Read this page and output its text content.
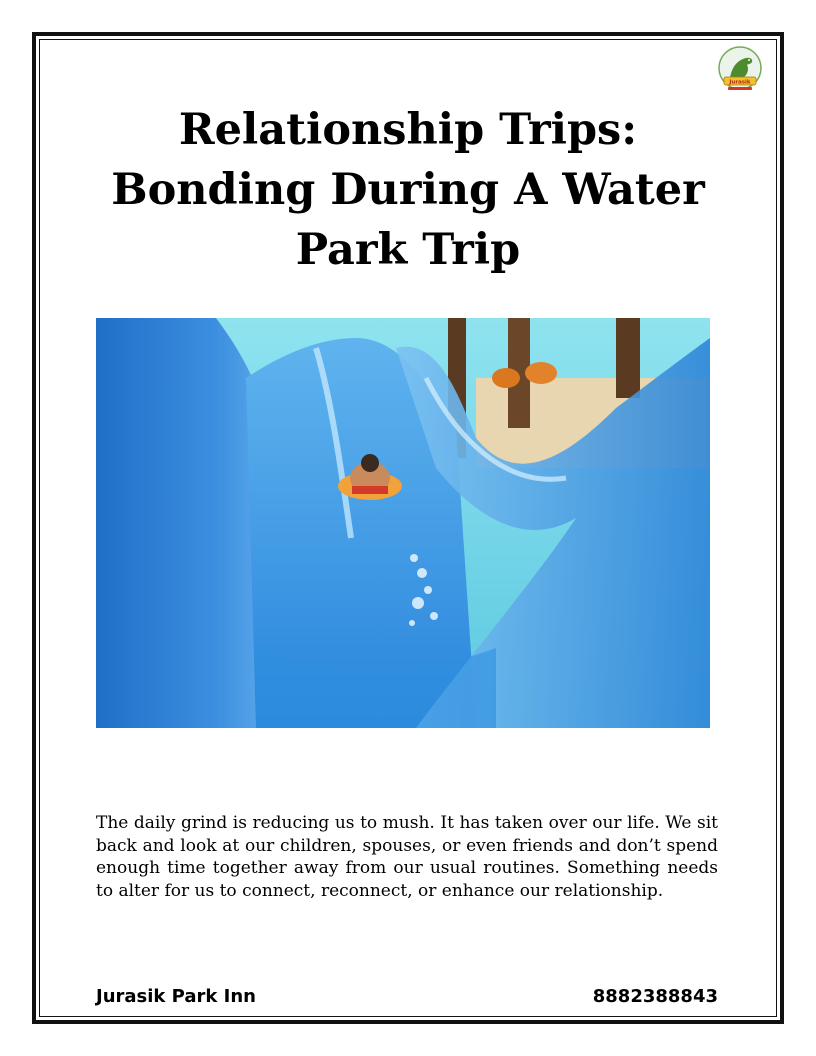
Jurasik
Relationship Trips:
Bonding During A Water
Park Trip

The daily grind is reducing us to mush. It has taken over our life. We sit back and look at our children, spouses, or even friends and don’t spend enough time together away from our usual routines. Something needs to alter for us to connect, reconnect, or enhance our relationship.

Jurasik Park Inn	8882388843
